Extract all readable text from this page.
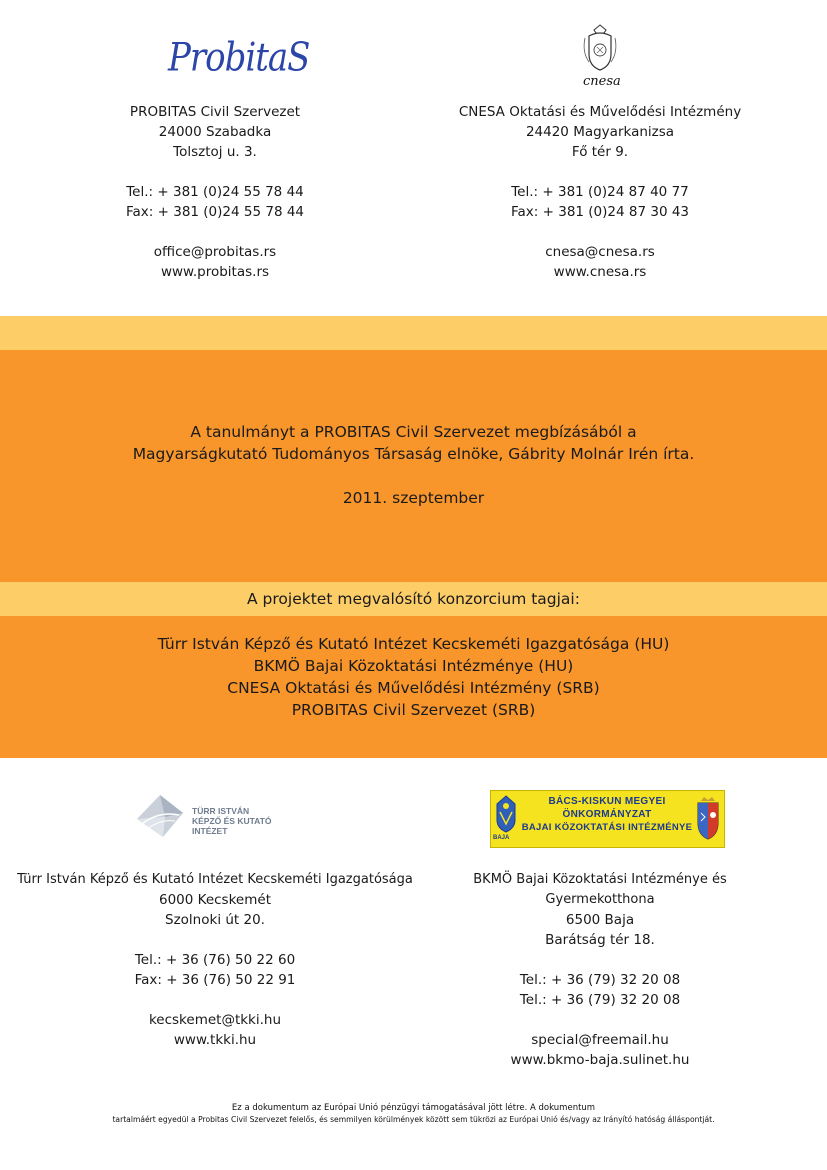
ProbitaS
PROBITAS Civil Szervezet
24000 Szabadka
Tolsztoj u. 3.
Tel.: + 381 (0)24 55 78 44
Fax: + 381 (0)24 55 78 44
office@probitas.rs
www.probitas.rs
cnesa
CNESA Oktatási és Művelődési Intézmény
24420 Magyarkanizsa
Fő tér 9.
Tel.: + 381 (0)24 87 40 77
Fax: + 381 (0)24 87 30 43
cnesa@cnesa.rs
www.cnesa.rs
A tanulmányt a PROBITAS Civil Szervezet megbízásából a
Magyarságkutató Tudományos Társaság elnöke, Gábrity Molnár Irén írta.
2011. szeptember
A projektet megvalósító konzorcium tagjai:
Türr István Képző és Kutató Intézet Kecskeméti Igazgatósága (HU)
BKMÖ Bajai Közoktatási Intézménye (HU)
CNESA Oktatási és Művelődési Intézmény (SRB)
PROBITAS Civil Szervezet (SRB)
TÜRR ISTVÁN
KÉPZŐ ÉS KUTATÓ
INTÉZET
Türr István Képző és Kutató Intézet Kecskeméti Igazgatósága
6000 Kecskemét
Szolnoki út 20.
Tel.: + 36 (76) 50 22 60
Fax: + 36 (76) 50 22 91
kecskemet@tkki.hu
www.tkki.hu
BAJA
BÁCS-KISKUN MEGYEI
ÖNKORMÁNYZAT
BAJAI KÖZOKTATÁSI INTÉZMÉNYE
BKMÖ Bajai Közoktatási Intézménye és Gyermekotthona
6500 Baja
Barátság tér 18.
Tel.: + 36 (79) 32 20 08
Tel.: + 36 (79) 32 20 08
special@freemail.hu
www.bkmo-baja.sulinet.hu
Ez a dokumentum az Európai Unió pénzügyi támogatásával jött létre. A dokumentum
tartalmáért egyedül a Probitas Civil Szervezet felelős, és semmilyen körülmények között sem tükrözi az Európai Unió és/vagy az Irányító hatóság álláspontját.
